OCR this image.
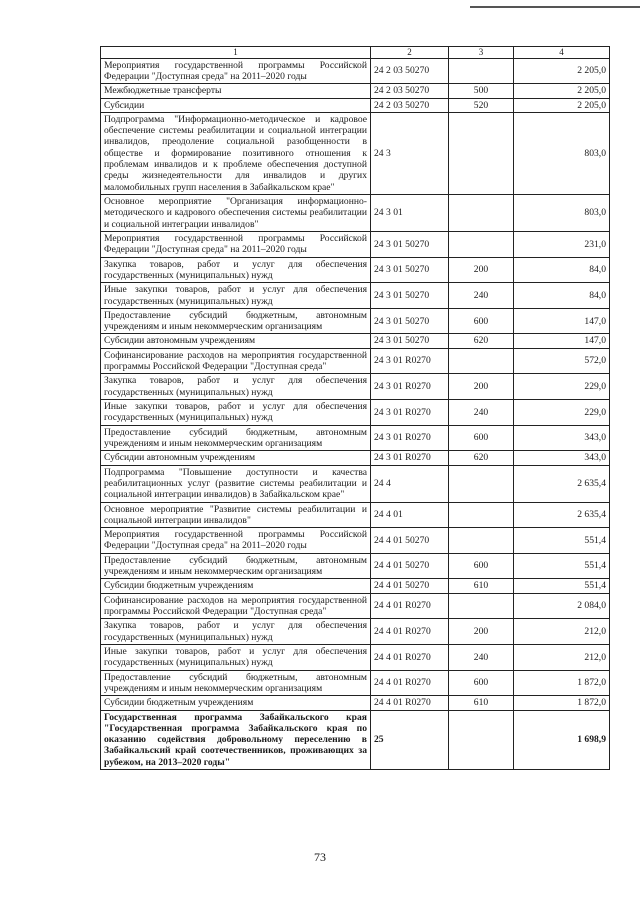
1	2	3	4
Мероприятия государственной программы Российской Федерации "Доступная среда" на 2011–2020 годы	24 2 03 50270		2 205,0
Межбюджетные трансферты	24 2 03 50270	500	2 205,0
Субсидии	24 2 03 50270	520	2 205,0
Подпрограмма "Информационно-методическое и кадровое обеспечение системы реабилитации и социальной интеграции инвалидов, преодоление социальной разобщенности в обществе и формирование позитивного отношения к проблемам инвалидов и к проблеме обеспечения доступной среды жизнедеятельности для инвалидов и других маломобильных групп населения в Забайкальском крае"	24 3		803,0
Основное мероприятие "Организация информационно-методического и кадрового обеспечения системы реабилитации и социальной интеграции инвалидов"	24 3 01		803,0
Мероприятия государственной программы Российской Федерации "Доступная среда" на 2011–2020 годы	24 3 01 50270		231,0
Закупка товаров, работ и услуг для обеспечения государственных (муниципальных) нужд	24 3 01 50270	200	84,0
Иные закупки товаров, работ и услуг для обеспечения государственных (муниципальных) нужд	24 3 01 50270	240	84,0
Предоставление субсидий бюджетным, автономным учреждениям и иным некоммерческим организациям	24 3 01 50270	600	147,0
Субсидии автономным учреждениям	24 3 01 50270	620	147,0
Софинансирование расходов на мероприятия государственной программы Российской Федерации "Доступная среда"	24 3 01 R0270		572,0
Закупка товаров, работ и услуг для обеспечения государственных (муниципальных) нужд	24 3 01 R0270	200	229,0
Иные закупки товаров, работ и услуг для обеспечения государственных (муниципальных) нужд	24 3 01 R0270	240	229,0
Предоставление субсидий бюджетным, автономным учреждениям и иным некоммерческим организациям	24 3 01 R0270	600	343,0
Субсидии автономным учреждениям	24 3 01 R0270	620	343,0
Подпрограмма "Повышение доступности и качества реабилитационных услуг (развитие системы реабилитации и социальной интеграции инвалидов) в Забайкальском крае"	24 4		2 635,4
Основное мероприятие "Развитие системы реабилитации и социальной интеграции инвалидов"	24 4 01		2 635,4
Мероприятия государственной программы Российской Федерации "Доступная среда" на 2011–2020 годы	24 4 01 50270		551,4
Предоставление субсидий бюджетным, автономным учреждениям и иным некоммерческим организациям	24 4 01 50270	600	551,4
Субсидии бюджетным учреждениям	24 4 01 50270	610	551,4
Софинансирование расходов на мероприятия государственной программы Российской Федерации "Доступная среда"	24 4 01 R0270		2 084,0
Закупка товаров, работ и услуг для обеспечения государственных (муниципальных) нужд	24 4 01 R0270	200	212,0
Иные закупки товаров, работ и услуг для обеспечения государственных (муниципальных) нужд	24 4 01 R0270	240	212,0
Предоставление субсидий бюджетным, автономным учреждениям и иным некоммерческим организациям	24 4 01 R0270	600	1 872,0
Субсидии бюджетным учреждениям	24 4 01 R0270	610	1 872,0
Государственная программа Забайкальского края "Государственная программа Забайкальского края по оказанию содействия добровольному переселению в Забайкальский край соотечественников, проживающих за рубежом, на 2013–2020 годы"	25		1 698,9
73
